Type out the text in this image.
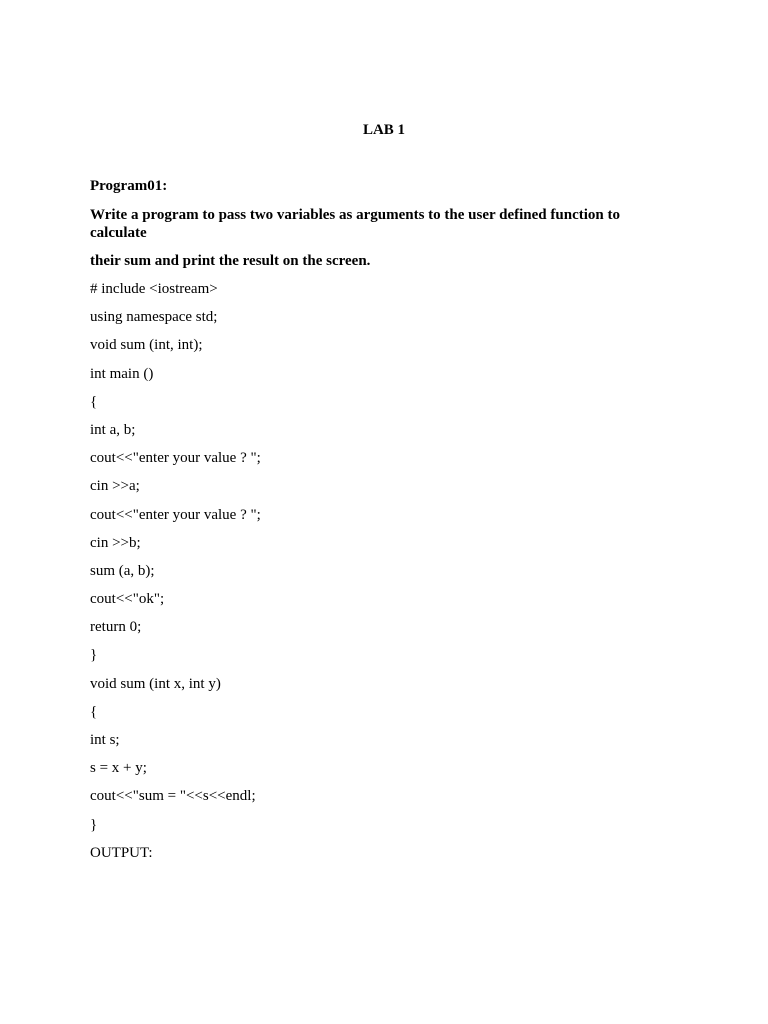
LAB 1
Program01:
Write a program to pass two variables as arguments to the user defined function to calculate
their sum and print the result on the screen.
# include <iostream>
using namespace std;
void sum (int, int);
int main ()
{
int a, b;
cout<<"enter your value ? ";
cin >>a;
cout<<"enter your value ? ";
cin >>b;
sum (a, b);
cout<<"ok";
return 0;
}
void sum (int x, int y)
{
int s;
s = x + y;
cout<<"sum = "<<s<<endl;
}
OUTPUT:
